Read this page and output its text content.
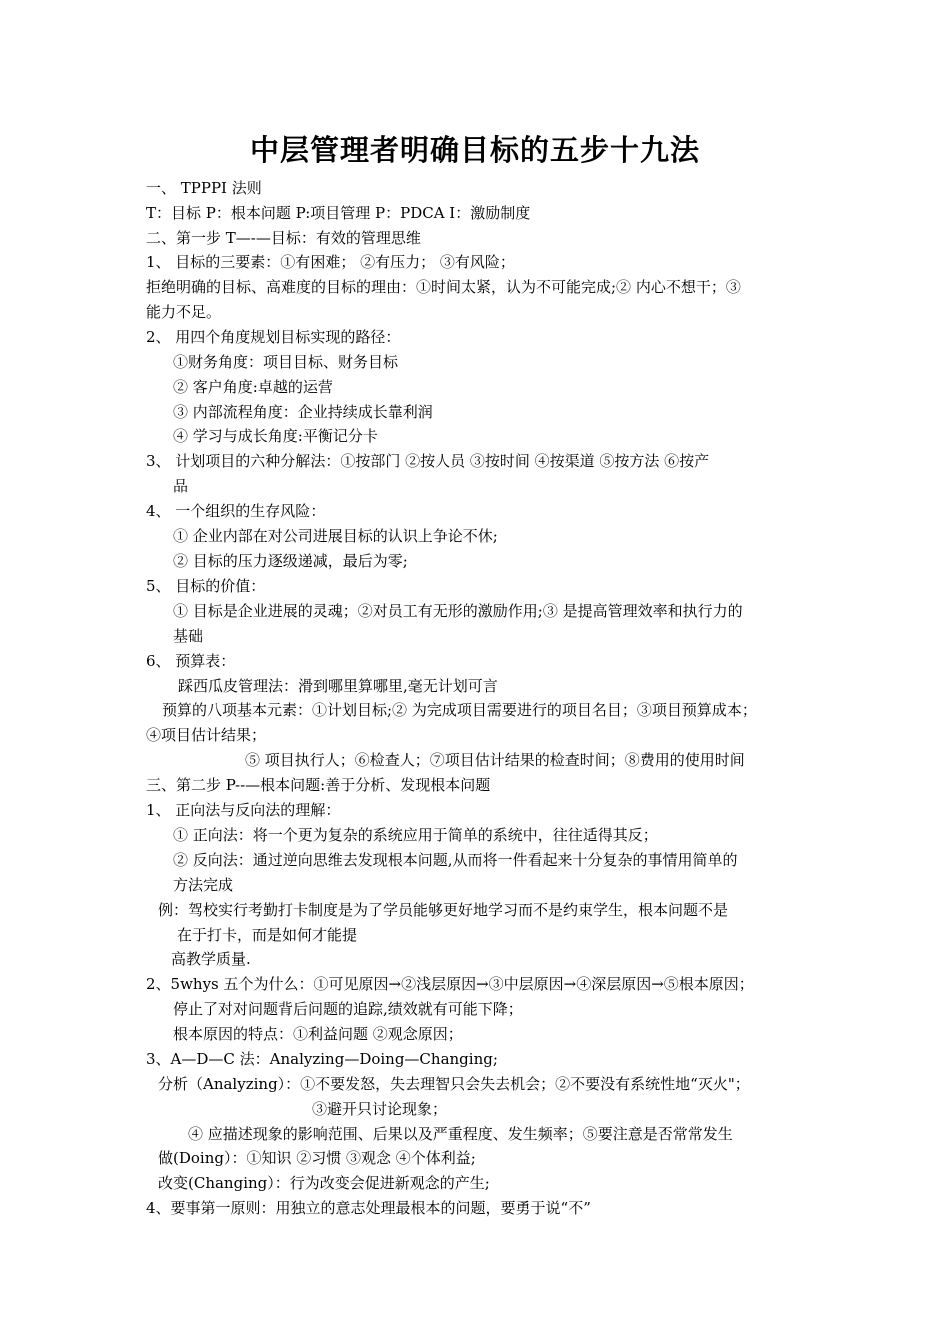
中层管理者明确目标的五步十九法
一、 TPPPI 法则
T：目标 P：根本问题 P:项目管理 P：PDCA I：激励制度
二、第一步 T—-—目标：有效的管理思维
1、 目标的三要素：①有困难； ②有压力； ③有风险；
拒绝明确的目标、高难度的目标的理由：①时间太紧，认为不可能完成;② 内心不想干；③
能力不足。
2、 用四个角度规划目标实现的路径：
①财务角度：项目目标、财务目标
② 客户角度:卓越的运营
③ 内部流程角度：企业持续成长靠利润
④ 学习与成长角度:平衡记分卡
3、 计划项目的六种分解法：①按部门 ②按人员 ③按时间 ④按渠道 ⑤按方法 ⑥按产
品
4、 一个组织的生存风险：
① 企业内部在对公司进展目标的认识上争论不休;
② 目标的压力逐级递减，最后为零;
5、 目标的价值：
① 目标是企业进展的灵魂；②对员工有无形的激励作用;③ 是提高管理效率和执行力的
基础
6、 预算表：
踩西瓜皮管理法：滑到哪里算哪里,毫无计划可言
预算的八项基本元素：①计划目标;② 为完成项目需要进行的项目名目；③项目预算成本；
④项目估计结果；
⑤ 项目执行人；⑥检查人；⑦项目估计结果的检查时间；⑧费用的使用时间
三、第二步 P--—根本问题:善于分析、发现根本问题
1、 正向法与反向法的理解：
① 正向法：将一个更为复杂的系统应用于简单的系统中，往往适得其反；
② 反向法：通过逆向思维去发现根本问题,从而将一件看起来十分复杂的事情用简单的
方法完成
例：驾校实行考勤打卡制度是为了学员能够更好地学习而不是约束学生，根本问题不是
在于打卡，而是如何才能提
高教学质量.
2、5whys 五个为什么：①可见原因→②浅层原因→③中层原因→④深层原因→⑤根本原因；
停止了对对问题背后问题的追踪,绩效就有可能下降；
根本原因的特点：①利益问题 ②观念原因；
3、A—D—C 法：Analyzing—Doing—Changing;
分析（Analyzing）：①不要发怒，失去理智只会失去机会；②不要没有系统性地“灭火"；
③避开只讨论现象；
④ 应描述现象的影响范围、后果以及严重程度、发生频率；⑤要注意是否常常发生
做(Doing）：①知识 ②习惯 ③观念 ④个体利益;
改变(Changing）：行为改变会促进新观念的产生;
4、要事第一原则：用独立的意志处理最根本的问题，要勇于说“不”
